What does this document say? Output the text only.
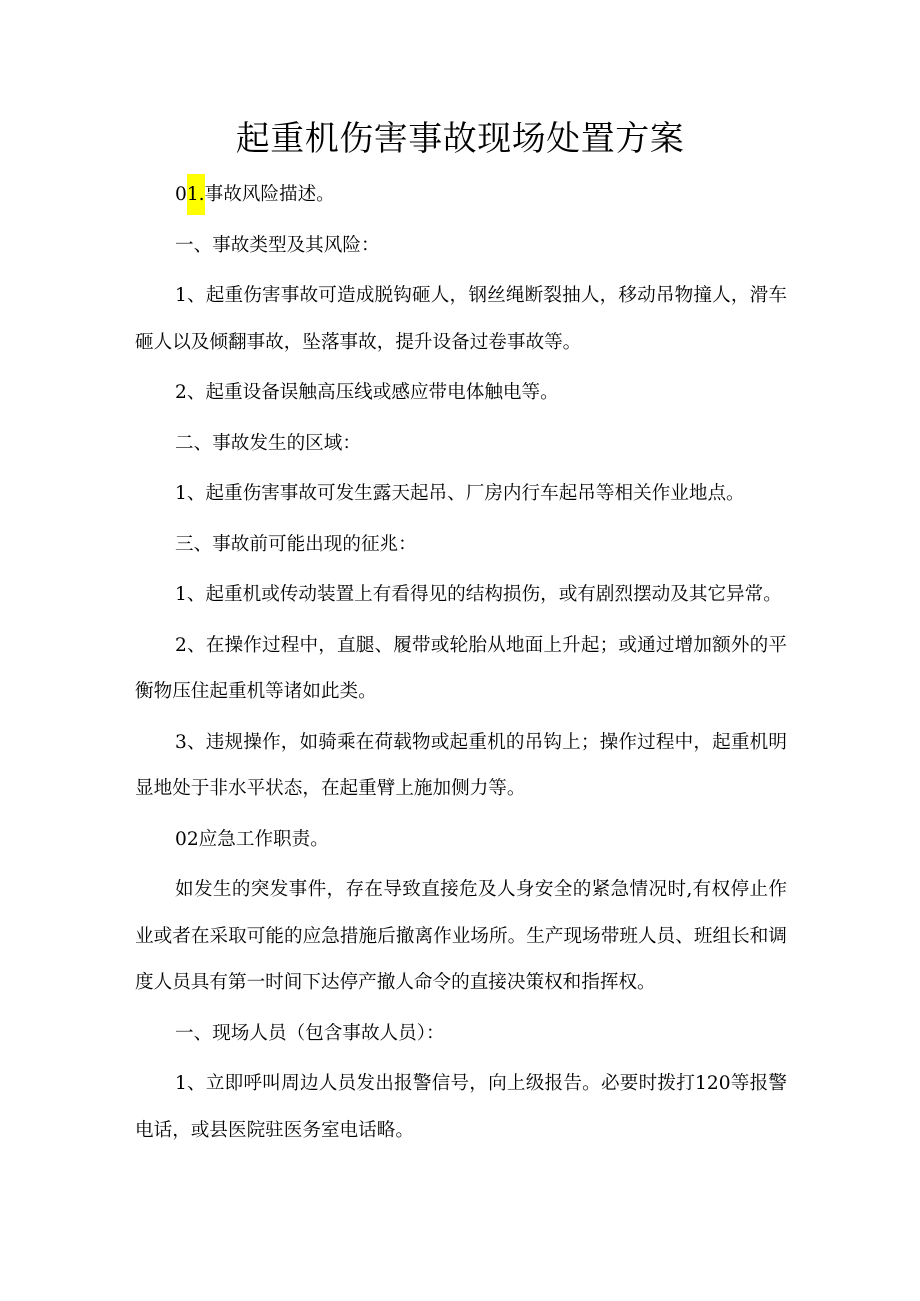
起重机伤害事故现场处置方案

01.事故风险描述。

一、事故类型及其风险：

1、起重伤害事故可造成脱钩砸人，钢丝绳断裂抽人，移动吊物撞人，滑车砸人以及倾翻事故，坠落事故，提升设备过卷事故等。

2、起重设备误触高压线或感应带电体触电等。

二、事故发生的区域：

1、起重伤害事故可发生露天起吊、厂房内行车起吊等相关作业地点。

三、事故前可能出现的征兆：

1、起重机或传动装置上有看得见的结构损伤，或有剧烈摆动及其它异常。

2、在操作过程中，直腿、履带或轮胎从地面上升起；或通过增加额外的平衡物压住起重机等诸如此类。

3、违规操作，如骑乘在荷载物或起重机的吊钩上；操作过程中，起重机明显地处于非水平状态，在起重臂上施加侧力等。

02应急工作职责。

如发生的突发事件，存在导致直接危及人身安全的紧急情况时,有权停止作业或者在采取可能的应急措施后撤离作业场所。生产现场带班人员、班组长和调度人员具有第一时间下达停产撤人命令的直接决策权和指挥权。

一、现场人员（包含事故人员）：

1、立即呼叫周边人员发出报警信号，向上级报告。必要时拨打120等报警电话，或县医院驻医务室电话略。
